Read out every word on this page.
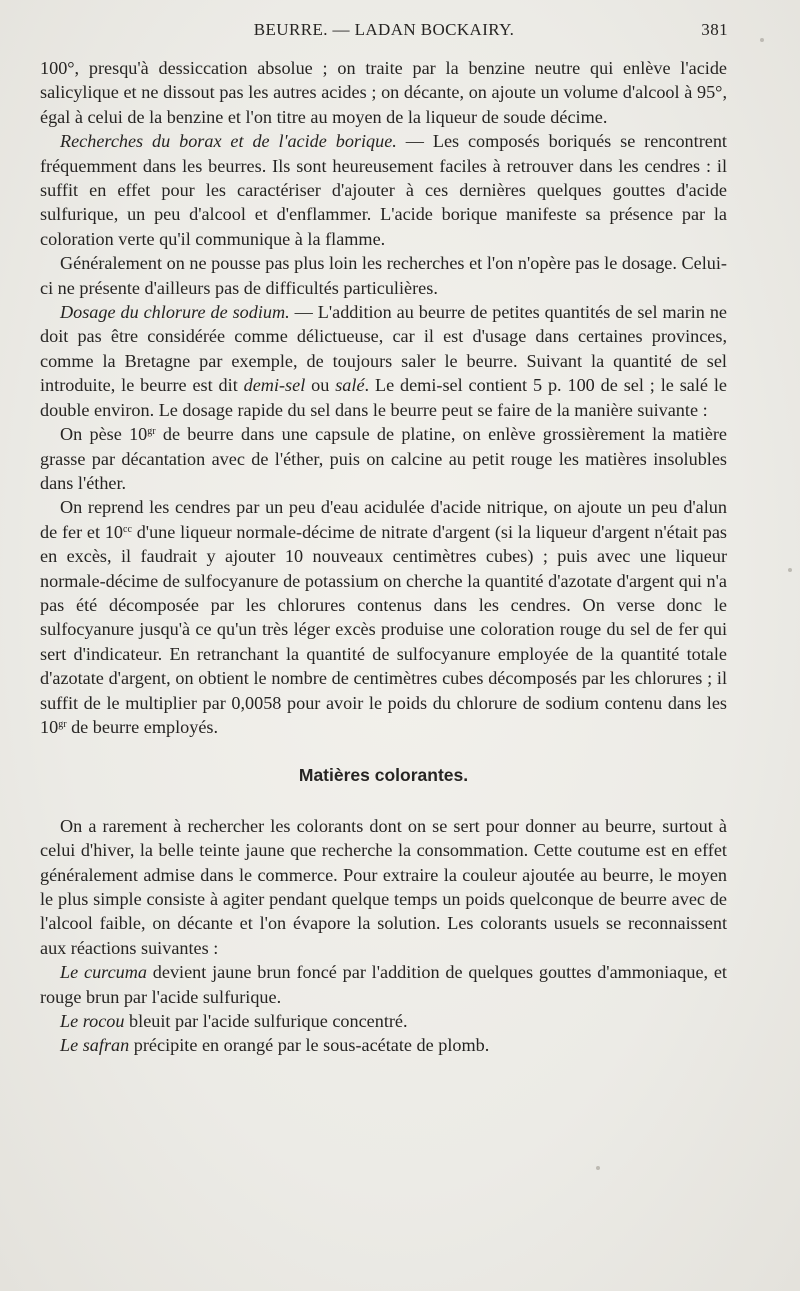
BEURRE. — LADAN BOCKAIRY.	381

100°, presqu'à dessiccation absolue ; on traite par la benzine neutre qui enlève l'acide salicylique et ne dissout pas les autres acides ; on décante, on ajoute un volume d'alcool à 95°, égal à celui de la benzine et l'on titre au moyen de la liqueur de soude décime.

Recherches du borax et de l'acide borique. — Les composés boriqués se rencontrent fréquemment dans les beurres. Ils sont heureusement faciles à retrouver dans les cendres : il suffit en effet pour les caractériser d'ajouter à ces dernières quelques gouttes d'acide sulfurique, un peu d'alcool et d'enflammer. L'acide borique manifeste sa présence par la coloration verte qu'il communique à la flamme.

Généralement on ne pousse pas plus loin les recherches et l'on n'opère pas le dosage. Celui-ci ne présente d'ailleurs pas de difficultés particulières.

Dosage du chlorure de sodium. — L'addition au beurre de petites quantités de sel marin ne doit pas être considérée comme délictueuse, car il est d'usage dans certaines provinces, comme la Bretagne par exemple, de toujours saler le beurre. Suivant la quantité de sel introduite, le beurre est dit demi-sel ou salé. Le demi-sel contient 5 p. 100 de sel ; le salé le double environ. Le dosage rapide du sel dans le beurre peut se faire de la manière suivante :

On pèse $10^{gr}$ de beurre dans une capsule de platine, on enlève grossièrement la matière grasse par décantation avec de l'éther, puis on calcine au petit rouge les matières insolubles dans l'éther.

On reprend les cendres par un peu d'eau acidulée d'acide nitrique, on ajoute un peu d'alun de fer et $10^{cc}$ d'une liqueur normale-décime de nitrate d'argent (si la liqueur d'argent n'était pas en excès, il faudrait y ajouter 10 nouveaux centimètres cubes) ; puis avec une liqueur normale-décime de sulfocyanure de potassium on cherche la quantité d'azotate d'argent qui n'a pas été décomposée par les chlorures contenus dans les cendres. On verse donc le sulfocyanure jusqu'à ce qu'un très léger excès produise une coloration rouge du sel de fer qui sert d'indicateur. En retranchant la quantité de sulfocyanure employée de la quantité totale d'azotate d'argent, on obtient le nombre de centimètres cubes décomposés par les chlorures ; il suffit de le multiplier par 0,0058 pour avoir le poids du chlorure de sodium contenu dans les $10^{gr}$ de beurre employés.

Matières colorantes.

On a rarement à rechercher les colorants dont on se sert pour donner au beurre, surtout à celui d'hiver, la belle teinte jaune que recherche la consommation. Cette coutume est en effet généralement admise dans le commerce. Pour extraire la couleur ajoutée au beurre, le moyen le plus simple consiste à agiter pendant quelque temps un poids quelconque de beurre avec de l'alcool faible, on décante et l'on évapore la solution. Les colorants usuels se reconnaissent aux réactions suivantes :

Le curcuma devient jaune brun foncé par l'addition de quelques gouttes d'ammoniaque, et rouge brun par l'acide sulfurique.

Le rocou bleuit par l'acide sulfurique concentré.

Le safran précipite en orangé par le sous-acétate de plomb.
